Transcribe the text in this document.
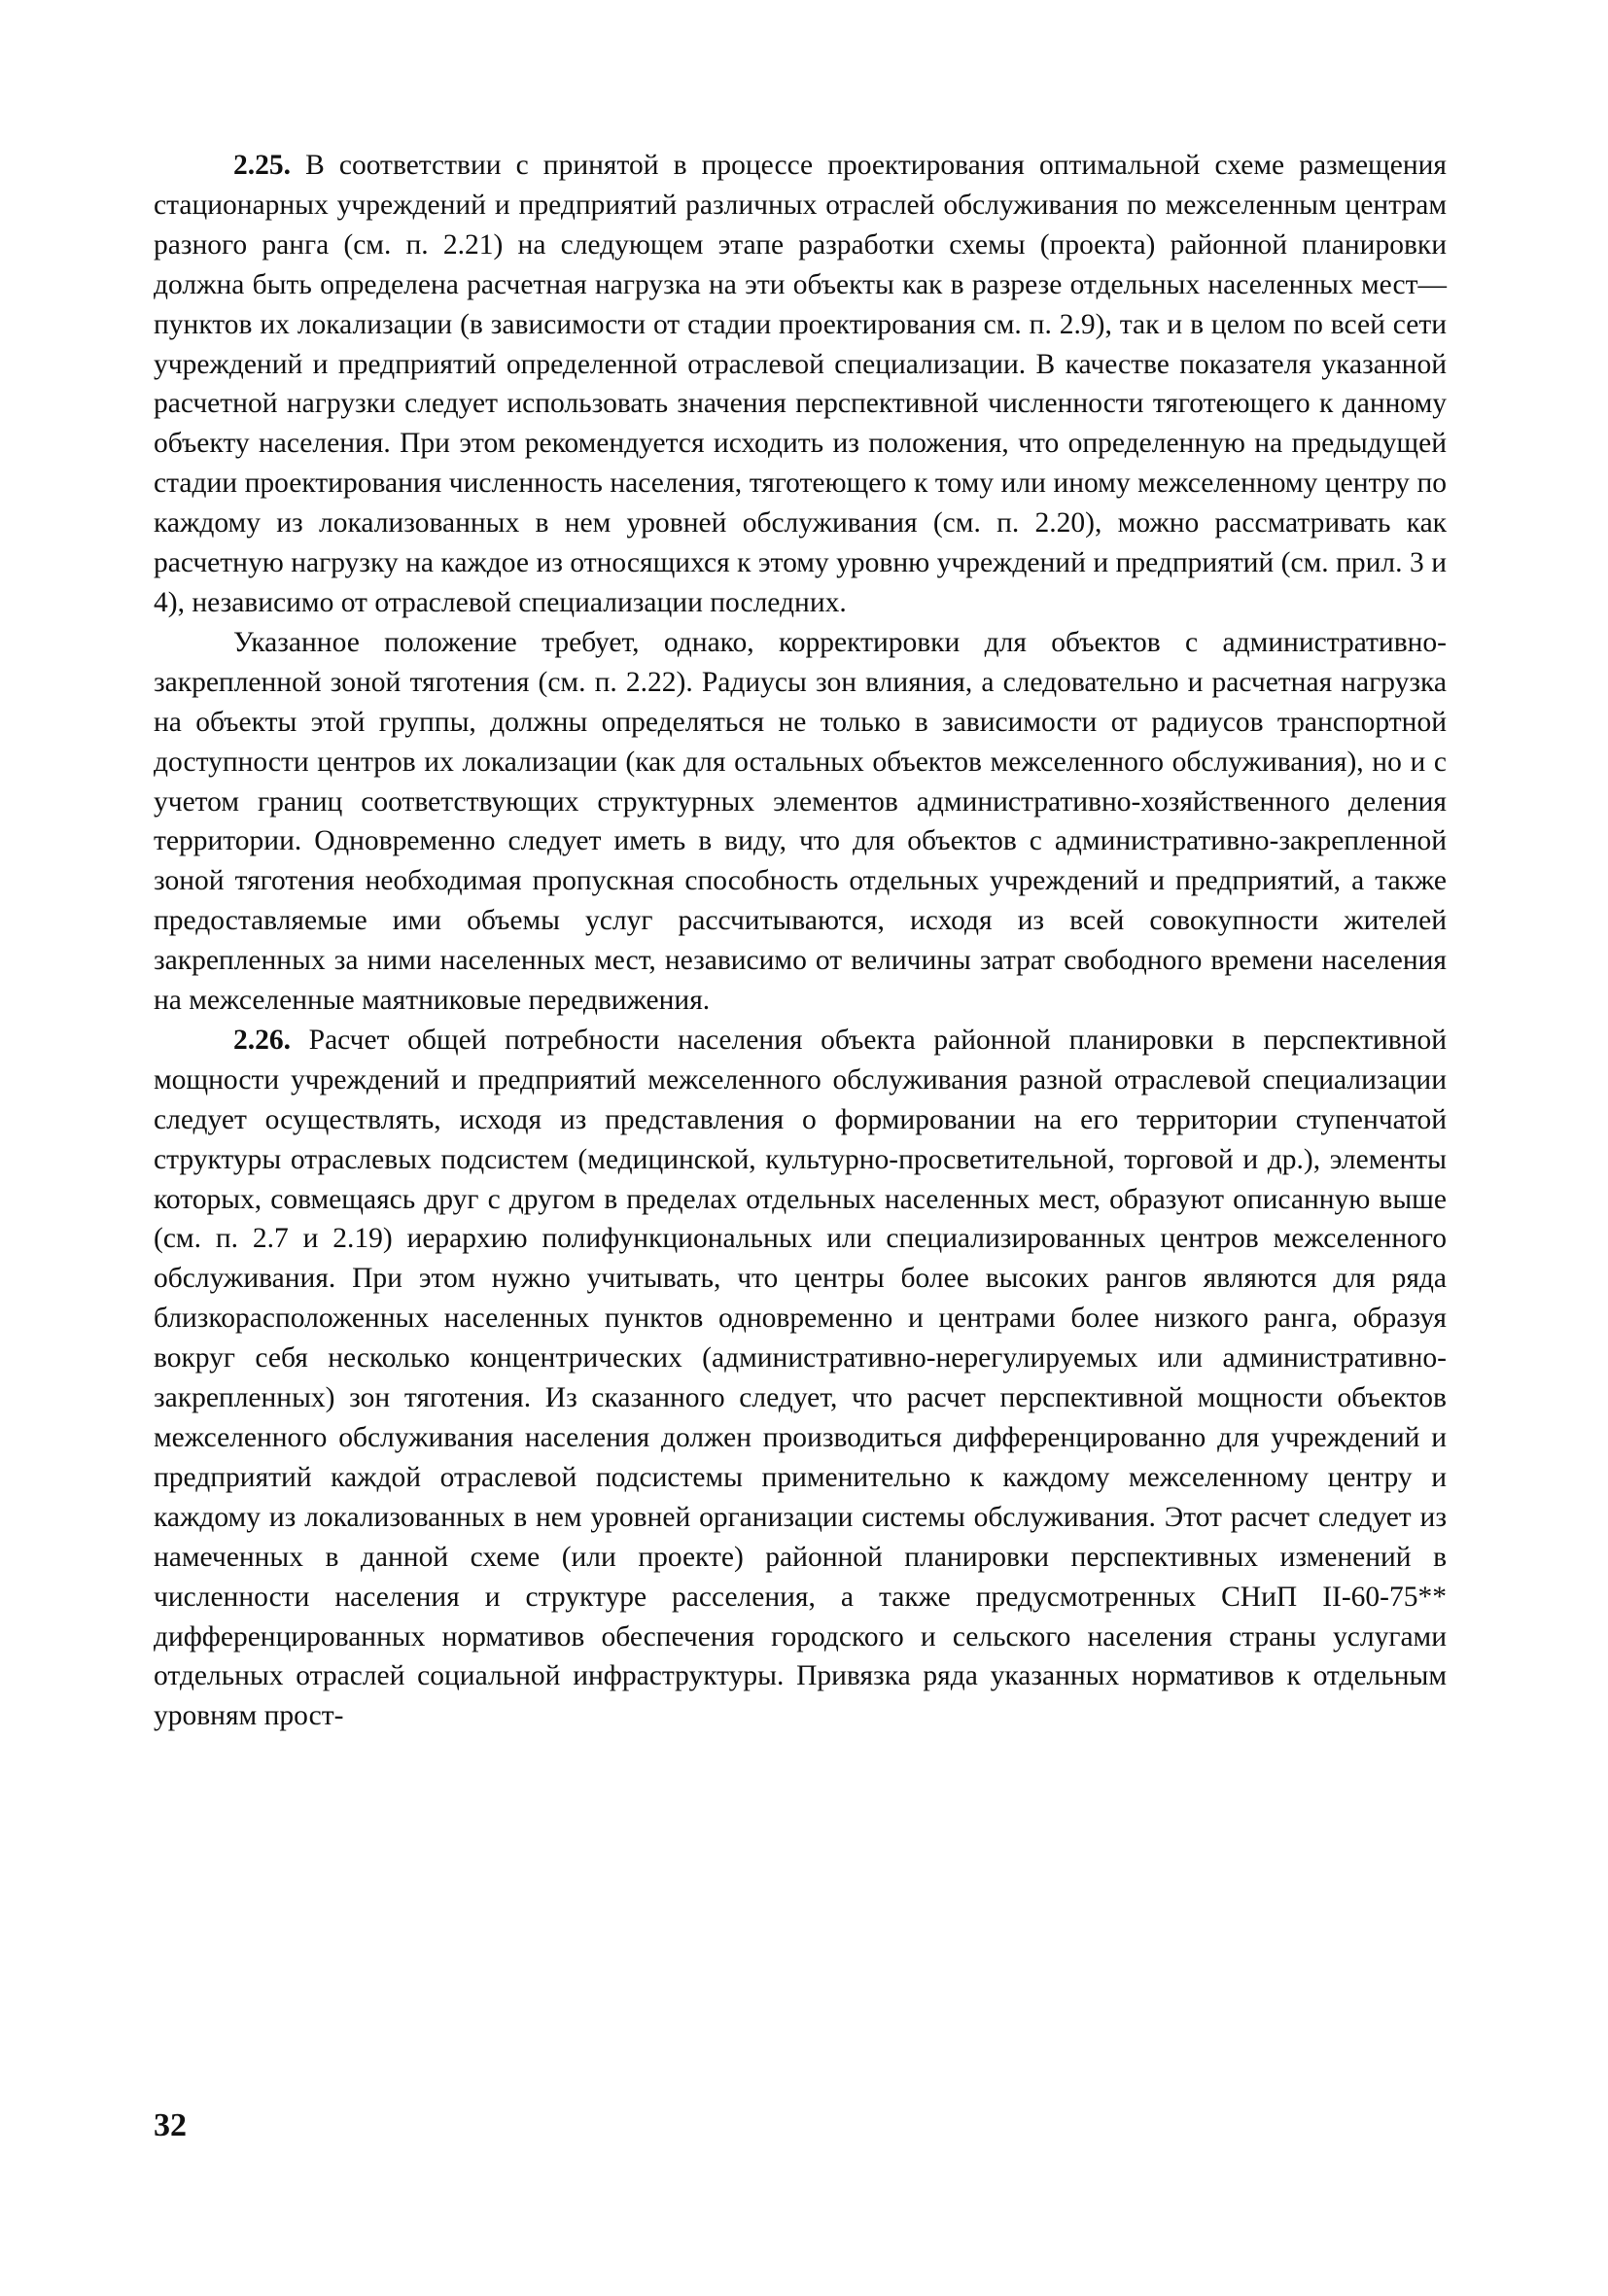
2.25. В соответствии с принятой в процессе проектирования оптимальной схеме размещения стационарных учреждений и предприятий различных отраслей обслуживания по межселенным центрам разного ранга (см. п. 2.21) на следующем этапе разработки схемы (проекта) районной планировки должна быть определена расчетная нагрузка на эти объекты как в разрезе отдельных населенных мест—пунктов их локализации (в зависимости от стадии проектирования см. п. 2.9), так и в целом по всей сети учреждений и предприятий определенной отраслевой специализации. В качестве показателя указанной расчетной нагрузки следует использовать значения перспективной численности тяготеющего к данному объекту населения. При этом рекомендуется исходить из положения, что определенную на предыдущей стадии проектирования численность населения, тяготеющего к тому или иному межселенному центру по каждому из локализованных в нем уровней обслуживания (см. п. 2.20), можно рассматривать как расчетную нагрузку на каждое из относящихся к этому уровню учреждений и предприятий (см. прил. 3 и 4), независимо от отраслевой специализации последних.

Указанное положение требует, однако, корректировки для объектов с административно-закрепленной зоной тяготения (см. п. 2.22). Радиусы зон влияния, а следовательно и расчетная нагрузка на объекты этой группы, должны определяться не только в зависимости от радиусов транспортной доступности центров их локализации (как для остальных объектов межселенного обслуживания), но и с учетом границ соответствующих структурных элементов административно-хозяйственного деления территории. Одновременно следует иметь в виду, что для объектов с административно-закрепленной зоной тяготения необходимая пропускная способность отдельных учреждений и предприятий, а также предоставляемые ими объемы услуг рассчитываются, исходя из всей совокупности жителей закрепленных за ними населенных мест, независимо от величины затрат свободного времени населения на межселенные маятниковые передвижения.

2.26. Расчет общей потребности населения объекта районной планировки в перспективной мощности учреждений и предприятий межселенного обслуживания разной отраслевой специализации следует осуществлять, исходя из представления о формировании на его территории ступенчатой структуры отраслевых подсистем (медицинской, культурно-просветительной, торговой и др.), элементы которых, совмещаясь друг с другом в пределах отдельных населенных мест, образуют описанную выше (см. п. 2.7 и 2.19) иерархию полифункциональных или специализированных центров межселенного обслуживания. При этом нужно учитывать, что центры более высоких рангов являются для ряда близкорасположенных населенных пунктов одновременно и центрами более низкого ранга, образуя вокруг себя несколько концентрических (административно-нерегулируемых или административно-закрепленных) зон тяготения. Из сказанного следует, что расчет перспективной мощности объектов межселенного обслуживания населения должен производиться дифференцированно для учреждений и предприятий каждой отраслевой подсистемы применительно к каждому межселенному центру и каждому из локализованных в нем уровней организации системы обслуживания. Этот расчет следует из намеченных в данной схеме (или проекте) районной планировки перспективных изменений в численности населения и структуре расселения, а также предусмотренных СНиП II-60-75** дифференцированных нормативов обеспечения городского и сельского населения страны услугами отдельных отраслей социальной инфраструктуры. Привязка ряда указанных нормативов к отдельным уровням прост-

32
